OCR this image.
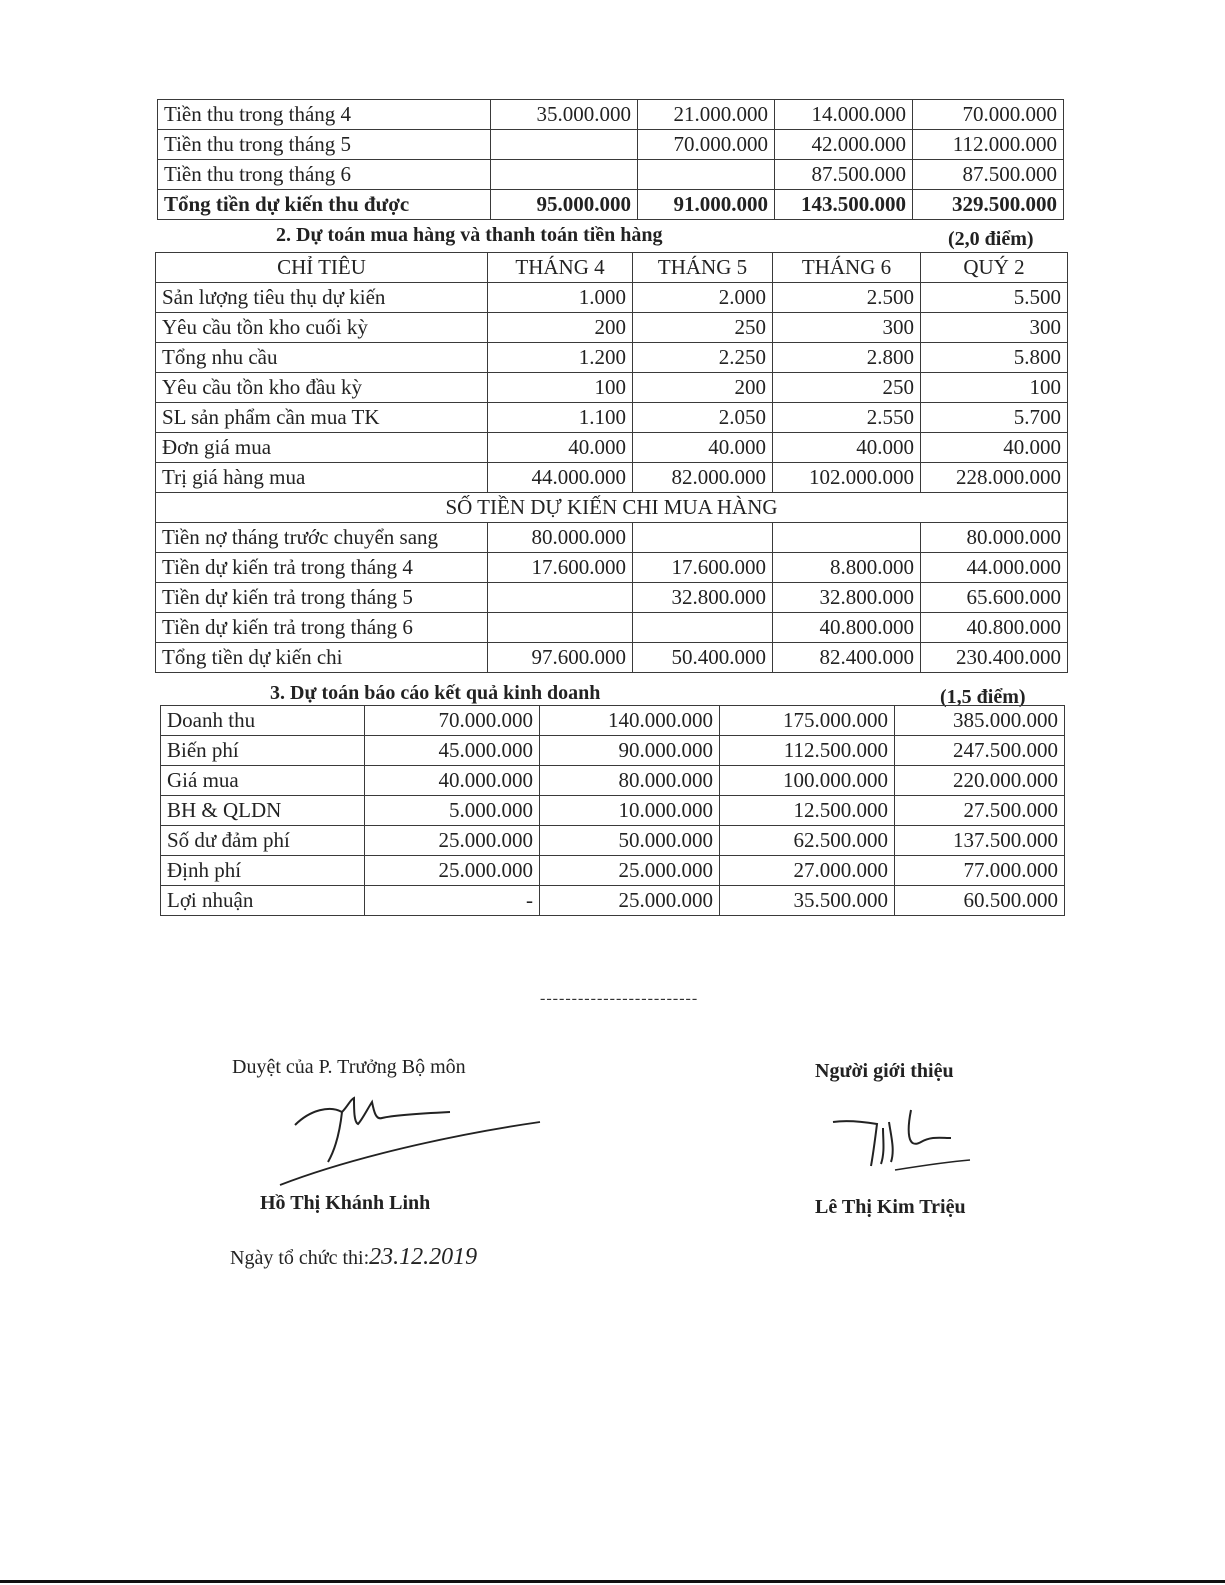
Tiền thu trong tháng 4	35.000.000	21.000.000	14.000.000	70.000.000
Tiền thu trong tháng 5		70.000.000	42.000.000	112.000.000
Tiền thu trong tháng 6			87.500.000	87.500.000
Tổng tiền dự kiến thu được	95.000.000	91.000.000	143.500.000	329.500.000
2. Dự toán mua hàng và thanh toán tiền hàng	(2,0 điểm)
CHỈ TIÊU	THÁNG 4	THÁNG 5	THÁNG 6	QUÝ 2
Sản lượng tiêu thụ dự kiến	1.000	2.000	2.500	5.500
Yêu cầu tồn kho cuối kỳ	200	250	300	300
Tổng nhu cầu	1.200	2.250	2.800	5.800
Yêu cầu tồn kho đầu kỳ	100	200	250	100
SL sản phẩm cần mua TK	1.100	2.050	2.550	5.700
Đơn giá mua	40.000	40.000	40.000	40.000
Trị giá hàng mua	44.000.000	82.000.000	102.000.000	228.000.000
SỐ TIỀN DỰ KIẾN CHI MUA HÀNG				
Tiền nợ tháng trước chuyển sang	80.000.000			80.000.000
Tiền dự kiến trả trong tháng 4	17.600.000	17.600.000	8.800.000	44.000.000
Tiền dự kiến trả trong tháng 5		32.800.000	32.800.000	65.600.000
Tiền dự kiến trả trong tháng 6			40.800.000	40.800.000
Tổng tiền dự kiến chi	97.600.000	50.400.000	82.400.000	230.400.000
3. Dự toán báo cáo kết quả kinh doanh	(1,5 điểm)
Doanh thu	70.000.000	140.000.000	175.000.000	385.000.000
Biến phí	45.000.000	90.000.000	112.500.000	247.500.000
Giá mua	40.000.000	80.000.000	100.000.000	220.000.000
BH & QLDN	5.000.000	10.000.000	12.500.000	27.500.000
Số dư đảm phí	25.000.000	50.000.000	62.500.000	137.500.000
Định phí	25.000.000	25.000.000	27.000.000	77.000.000
Lợi nhuận	-	25.000.000	35.500.000	60.500.000
-------------------------
Duyệt của P. Trưởng Bộ môn
Hồ Thị Khánh Linh
Người giới thiệu
Lê Thị Kim Triệu
Ngày tổ chức thi:23.12.2019
